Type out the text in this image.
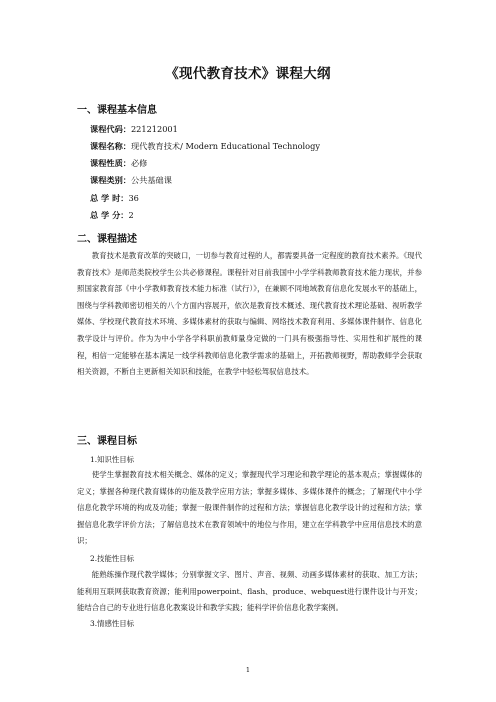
《现代教育技术》课程大纲
一、课程基本信息
课程代码：221212001
课程名称：现代教育技术/ Modern Educational Technology
课程性质：必修
课程类别：公共基础课
总 学 时：36
总 学 分：2
二、课程描述

教育技术是教育改革的突破口，一切参与教育过程的人，都需要具备一定程度的教育技术素养。《现代教育技术》是师范类院校学生公共必修课程。课程针对目前我国中小学学科教师教育技术能力现状，并参照国家教育部《中小学教师教育技术能力标准（试行）》，在兼顾不同地域教育信息化发展水平的基础上，围绕与学科教师密切相关的八个方面内容展开，依次是教育技术概述、现代教育技术理论基础、视听教学媒体、学校现代教育技术环境、多媒体素材的获取与编辑、网络技术教育利用、多媒体课件制作、信息化教学设计与评价。作为为中小学各学科职前教师量身定做的一门具有极强指导性、实用性和扩展性的课程，相信一定能够在基本满足一线学科教师信息化教学需求的基础上，开拓教师视野，帮助教师学会获取相关资源，不断自主更新相关知识和技能，在教学中轻松驾驭信息技术。

三、课程目标
1.知识性目标

使学生掌握教育技术相关概念、媒体的定义；掌握现代学习理论和教学理论的基本观点；掌握媒体的定义；掌握各种现代教育媒体的功能及教学应用方法；掌握多媒体、多媒体课件的概念；了解现代中小学信息化教学环境的构成及功能；掌握一般课件制作的过程和方法；掌握信息化教学设计的过程和方法；掌握信息化教学评价方法；了解信息技术在教育领域中的地位与作用，建立在学科教学中应用信息技术的意识；

2.技能性目标

能熟练操作现代教学媒体；分别掌握文字、图片、声音、视频、动画多媒体素材的获取、加工方法；能利用互联网获取教育资源；能利用powerpoint、flash、produce、webquest进行课件设计与开发；能结合自己的专业进行信息化教案设计和教学实践；能科学评价信息化教学案例。

3.情感性目标
1
